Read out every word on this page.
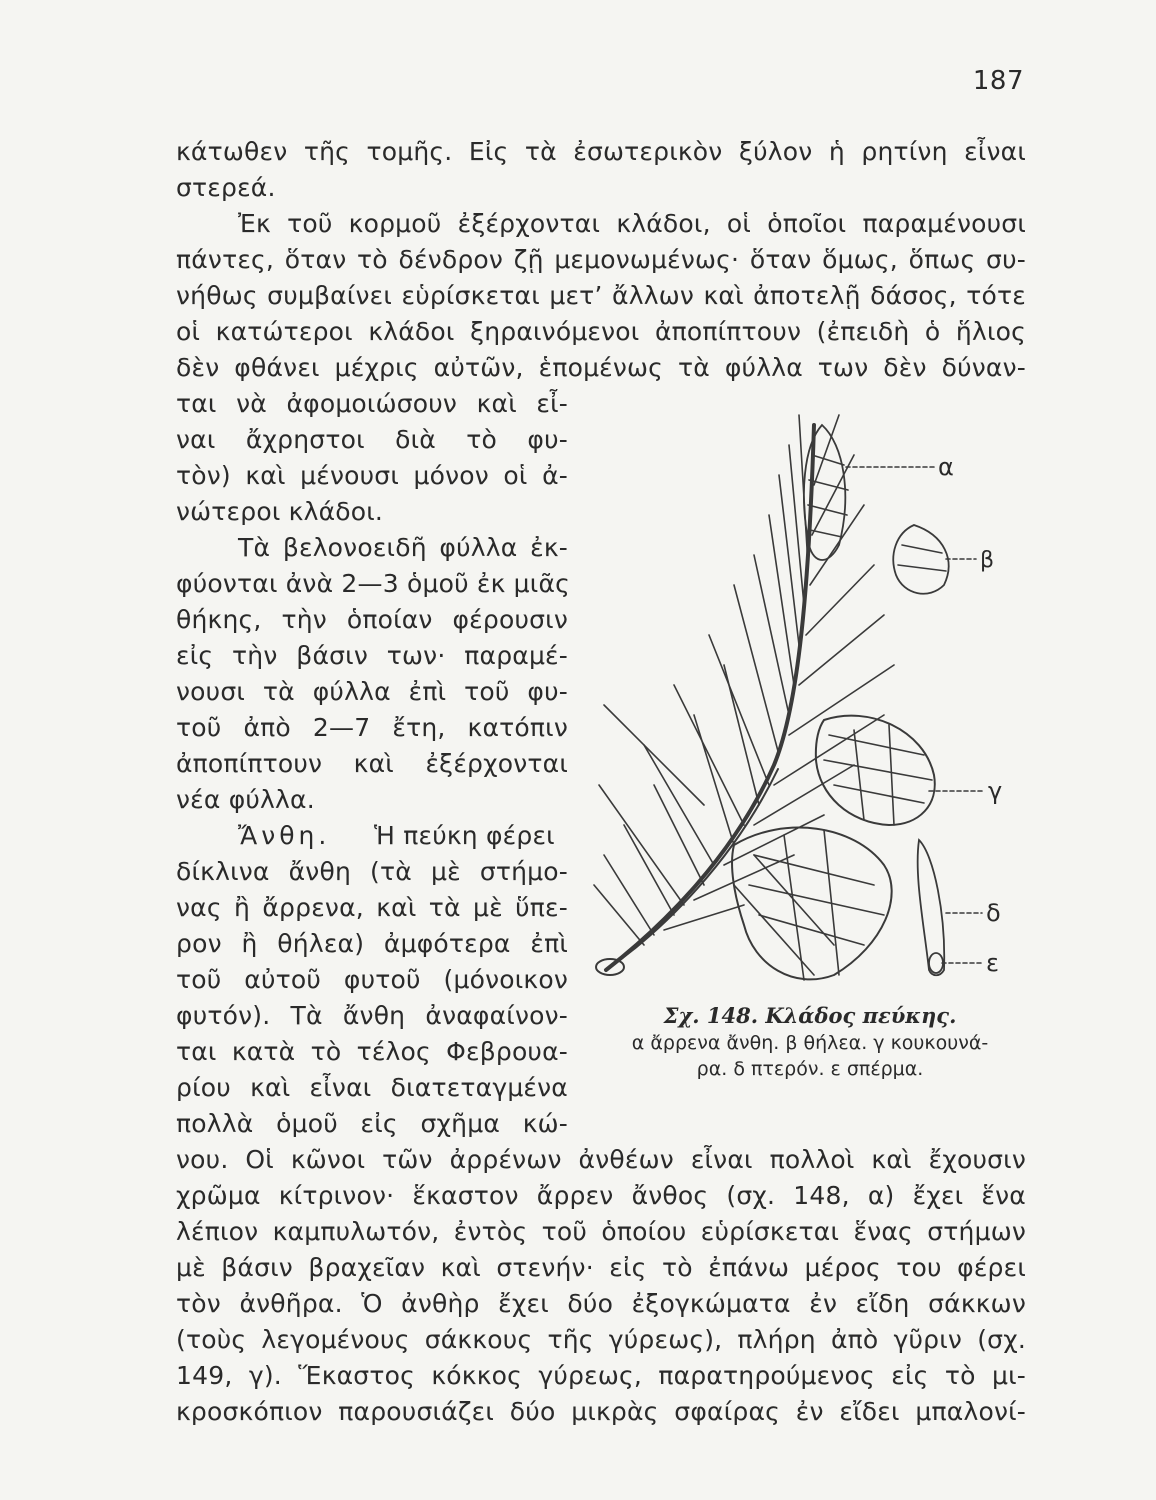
187
κάτωθεν τῆς τομῆς. Εἰς τὰ ἐσωτερικὸν ξύλον ἡ ρητίνη εἶναι
στερεά.
Ἐκ τοῦ κορμοῦ ἐξέρχονται κλάδοι, οἱ ὁποῖοι παραμένουσι
πάντες, ὅταν τὸ δένδρον ζῇ μεμονωμένως· ὅταν ὅμως, ὅπως συ-
νήθως συμβαίνει εὑρίσκεται μετ’ ἄλλων καὶ ἀποτελῇ δάσος, τότε
οἱ κατώτεροι κλάδοι ξηραινόμενοι ἀποπίπτουν (ἐπειδὴ ὁ ἥλιος
δὲν φθάνει μέχρις αὐτῶν, ἑπομένως τὰ φύλλα των δὲν δύναν-
ται νὰ ἀφομοιώσουν καὶ εἶ-
ναι ἄχρηστοι διὰ τὸ φυ-
τὸν) καὶ μένουσι μόνον οἱ ἀ-
νώτεροι κλάδοι.
Τὰ βελονοειδῆ φύλλα ἐκ-
φύονται ἀνὰ 2—3 ὁμοῦ ἐκ μιᾶς
θήκης, τὴν ὁποίαν φέρουσιν
εἰς τὴν βάσιν των· παραμέ-
νουσι τὰ φύλλα ἐπὶ τοῦ φυ-
τοῦ ἀπὸ 2—7 ἔτη, κατόπιν
ἀποπίπτουν καὶ ἐξέρχονται
νέα φύλλα.
Ἄνθη. Ἡ πεύκη φέρει
δίκλινα ἄνθη (τὰ μὲ στήμο-
νας ἢ ἄρρενα, καὶ τὰ μὲ ὕπε-
ρον ἢ θήλεα) ἀμφότερα ἐπὶ
τοῦ αὐτοῦ φυτοῦ (μόνοικον
φυτόν). Τὰ ἄνθη ἀναφαίνον-
ται κατὰ τὸ τέλος Φεβρουα-
ρίου καὶ εἶναι διατεταγμένα
πολλὰ ὁμοῦ εἰς σχῆμα κώ-
νου. Οἱ κῶνοι τῶν ἀρρένων ἀνθέων εἶναι πολλοὶ καὶ ἔχουσιν
χρῶμα κίτρινον· ἕκαστον ἄρρεν ἄνθος (σχ. 148, α) ἔχει ἕνα
λέπιον καμπυλωτόν, ἐντὸς τοῦ ὁποίου εὑρίσκεται ἕνας στήμων
μὲ βάσιν βραχεῖαν καὶ στενήν· εἰς τὸ ἐπάνω μέρος του φέρει
τὸν ἀνθῆρα. Ὁ ἀνθὴρ ἔχει δύο ἐξογκώματα ἐν εἴδη σάκκων
(τοὺς λεγομένους σάκκους τῆς γύρεως), πλήρη ἀπὸ γῦριν (σχ.
149, γ). Ἕκαστος κόκκος γύρεως, παρατηρούμενος εἰς τὸ μι-
κροσκόπιον παρουσιάζει δύο μικρὰς σφαίρας ἐν εἴδει μπαλονί-
α
β
γ
δ
ε
Σχ. 148. Κλάδος πεύκης.
α ἄρρενα ἄνθη. β θήλεα. γ κουκουνά-
ρα. δ πτερόν. ε σπέρμα.
